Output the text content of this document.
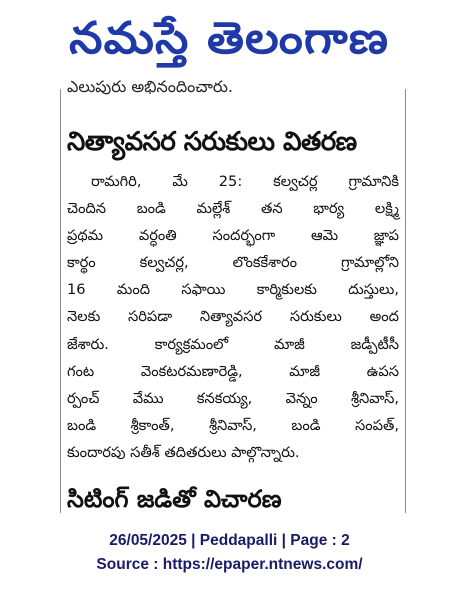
నమస్తే తెలంగాణ
ఎలుపురు అభినందించారు.
నిత్యావసర సరుకులు వితరణ
రామగిరి, మే 25: కల్వచర్ల గ్రామానికి
చెందిన బండి మల్లేశ్ తన భార్య లక్ష్మి
ప్రథమ వర్ధంతి సందర్భంగా ఆమె జ్ఞాప
కార్థం కల్వచర్ల, లొంకకేశారం గ్రామాల్లోని
16 మంది సఫాయి కార్మికులకు దుస్తులు,
నెలకు సరిపడా నిత్యావసర సరుకులు అంద
జేశారు. కార్యక్రమంలో మాజీ జడ్పీటీసీ
గంట వెంకటరమణారెడ్డి, మాజీ ఉపస
ర్పంచ్ వేము కనకయ్య, వెన్నం శ్రీనివాస్,
బండి శ్రీకాంత్, శ్రీనివాస్, బండి సంపత్,
కుందారపు సతీశ్ తదితరులు పాల్గొన్నారు.
సిటింగ్ జడితో విచారణ
26/05/2025 | Peddapalli | Page : 2
Source : https://epaper.ntnews.com/
